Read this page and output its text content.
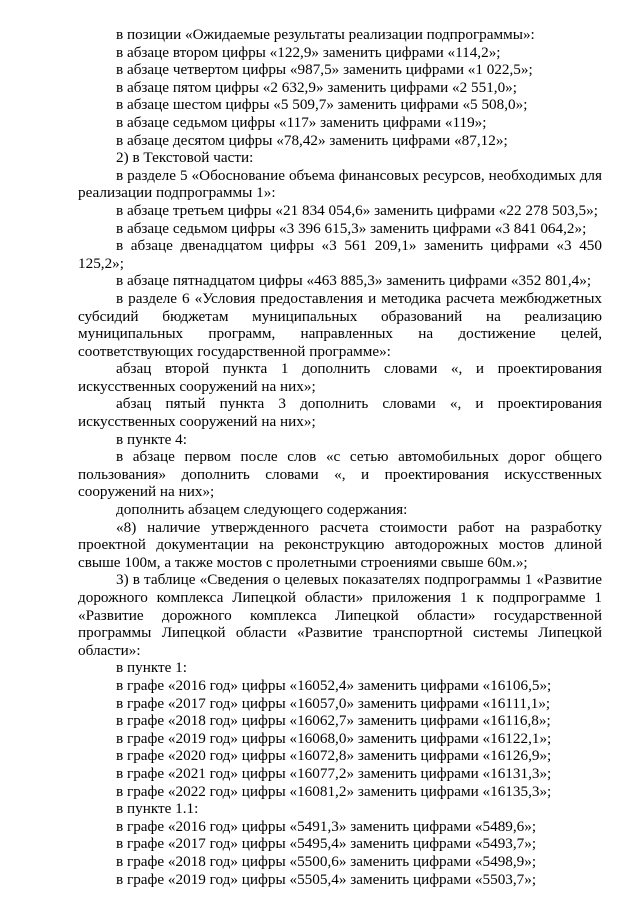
в позиции «Ожидаемые результаты реализации подпрограммы»:

в абзаце втором цифры «122,9» заменить цифрами «114,2»;

в абзаце четвертом цифры «987,5» заменить цифрами «1 022,5»;

в абзаце пятом цифры «2 632,9» заменить цифрами «2 551,0»;

в абзаце шестом цифры «5 509,7» заменить цифрами «5 508,0»;

в абзаце седьмом цифры «117» заменить цифрами «119»;

в абзаце десятом цифры «78,42» заменить цифрами «87,12»;

2) в Текстовой части:

в разделе 5 «Обоснование объема финансовых ресурсов, необходимых для реализации подпрограммы 1»:

в абзаце третьем цифры «21 834 054,6» заменить цифрами «22 278 503,5»;

в абзаце седьмом цифры «3 396 615,3» заменить цифрами «3 841 064,2»;

в абзаце двенадцатом цифры «3 561 209,1» заменить цифрами «3 450 125,2»;

в абзаце пятнадцатом цифры «463 885,3» заменить цифрами «352 801,4»;

в разделе 6 «Условия предоставления и методика расчета межбюджетных субсидий бюджетам муниципальных образований на реализацию муниципальных программ, направленных на достижение целей, соответствующих государственной программе»:

абзац второй пункта 1 дополнить словами «, и проектирования искусственных сооружений на них»;

абзац пятый пункта 3 дополнить словами «, и проектирования искусственных сооружений на них»;

в пункте 4:

в абзаце первом после слов «с сетью автомобильных дорог общего пользования» дополнить словами «, и проектирования искусственных сооружений на них»;

дополнить абзацем следующего содержания:

«8) наличие утвержденного расчета стоимости работ на разработку проектной документации на реконструкцию автодорожных мостов длиной свыше 100м, а также мостов с пролетными строениями свыше 60м.»;

3) в таблице «Сведения о целевых показателях подпрограммы 1 «Развитие дорожного комплекса Липецкой области» приложения 1 к подпрограмме 1 «Развитие дорожного комплекса Липецкой области» государственной программы Липецкой области «Развитие транспортной системы Липецкой области»:

в пункте 1:

в графе «2016 год» цифры «16052,4» заменить цифрами «16106,5»;

в графе «2017 год» цифры «16057,0» заменить цифрами «16111,1»;

в графе «2018 год» цифры «16062,7» заменить цифрами «16116,8»;

в графе «2019 год» цифры «16068,0» заменить цифрами «16122,1»;

в графе «2020 год» цифры «16072,8» заменить цифрами «16126,9»;

в графе «2021 год» цифры «16077,2» заменить цифрами «16131,3»;

в графе «2022 год» цифры «16081,2» заменить цифрами «16135,3»;

в пункте 1.1:

в графе «2016 год» цифры «5491,3» заменить цифрами «5489,6»;

в графе «2017 год» цифры «5495,4» заменить цифрами «5493,7»;

в графе «2018 год» цифры «5500,6» заменить цифрами «5498,9»;

в графе «2019 год» цифры «5505,4» заменить цифрами «5503,7»;
